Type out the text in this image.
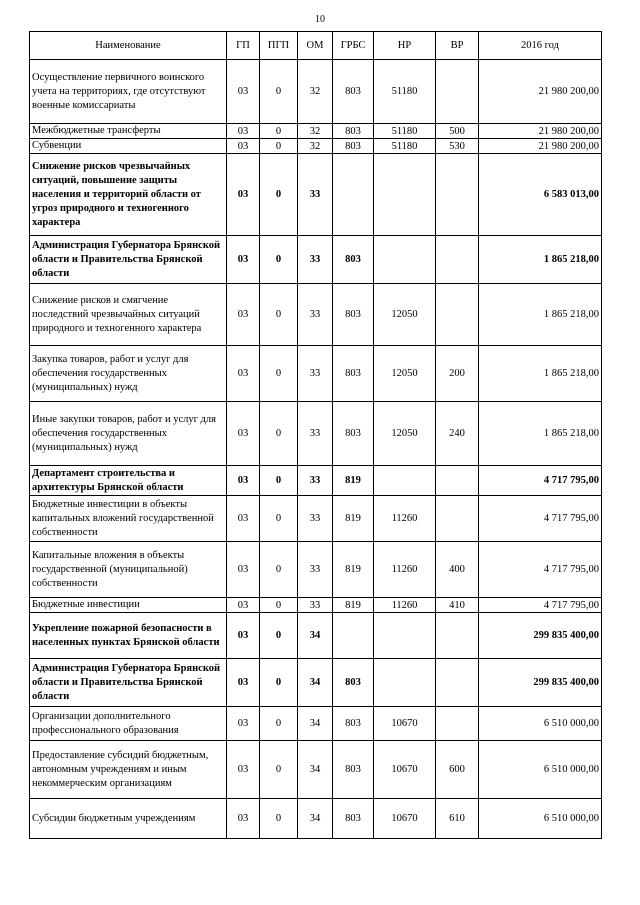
10
Наименование	ГП	ПГП	ОМ	ГРБС	НР	ВР	2016 год
Осуществление первичного воинского учета на территориях, где отсутствуют военные комиссариаты	03	0	32	803	51180		21 980 200,00
Межбюджетные трансферты	03	0	32	803	51180	500	21 980 200,00
Субвенции	03	0	32	803	51180	530	21 980 200,00
Снижение рисков чрезвычайных ситуаций, повышение защиты населения и территорий области от угроз природного и техногенного характера	03	0	33				6 583 013,00
Администрация Губернатора Брянской области и Правительства Брянской области	03	0	33	803			1 865 218,00
Снижение рисков и смягчение последствий чрезвычайных ситуаций природного и техногенного характера	03	0	33	803	12050		1 865 218,00
Закупка товаров, работ и услуг для обеспечения государственных (муниципальных) нужд	03	0	33	803	12050	200	1 865 218,00
Иные закупки товаров, работ и услуг для обеспечения государственных (муниципальных) нужд	03	0	33	803	12050	240	1 865 218,00
Департамент строительства и архитектуры Брянской области	03	0	33	819			4 717 795,00
Бюджетные инвестиции в объекты капитальных вложений государственной собственности	03	0	33	819	11260		4 717 795,00
Капитальные вложения в объекты государственной (муниципальной) собственности	03	0	33	819	11260	400	4 717 795,00
Бюджетные инвестиции	03	0	33	819	11260	410	4 717 795,00
Укрепление пожарной безопасности в населенных пунктах Брянской области	03	0	34				299 835 400,00
Администрация Губернатора Брянской области и Правительства Брянской области	03	0	34	803			299 835 400,00
Организации дополнительного профессионального образования	03	0	34	803	10670		6 510 000,00
Предоставление субсидий бюджетным, автономным учреждениям и иным некоммерческим организациям	03	0	34	803	10670	600	6 510 000,00
Субсидии бюджетным учреждениям	03	0	34	803	10670	610	6 510 000,00
